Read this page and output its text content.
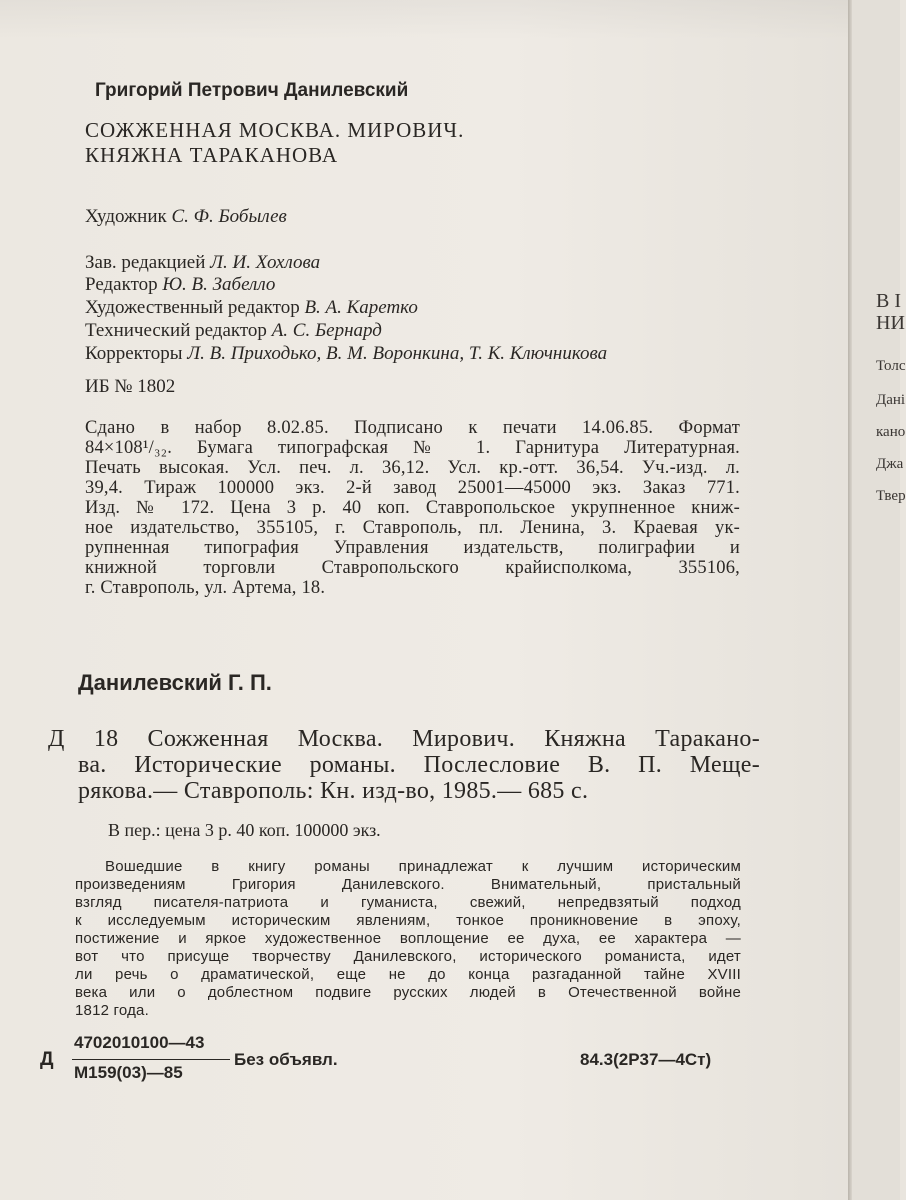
Григорий Петрович Данилевский

СОЖЖЕННАЯ МОСКВА. МИРОВИЧ.

КНЯЖНА ТАРАКАНОВА

Художник С. Ф. Бобылев

Зав. редакцией Л. И. Хохлова

Редактор Ю. В. Забелло

Художественный редактор В. А. Каретко

Технический редактор А. С. Бернард

Корректоры Л. В. Приходько, В. М. Воронкина, Т. К. Ключникова

ИБ № 1802

Сдано в набор 8.02.85. Подписано к печати 14.06.85. Формат

84×108¹/₃₂. Бумага типографская № 1. Гарнитура Литературная.

Печать высокая. Усл. печ. л. 36,12. Усл. кр.-отт. 36,54. Уч.-изд. л.

39,4. Тираж 100000 экз. 2-й завод 25001—45000 экз. Заказ 771.

Изд. № 172. Цена 3 р. 40 коп. Ставропольское укрупненное книж-

ное издательство, 355105, г. Ставрополь, пл. Ленина, 3. Краевая ук-

рупненная типография Управления издательств, полиграфии и

книжной торговли Ставропольского крайисполкома, 355106,

г. Ставрополь, ул. Артема, 18.

Данилевский Г. П.

Д 18 Сожженная Москва. Мирович. Княжна Таракано-

ва. Исторические романы. Послесловие В. П. Меще-

рякова.— Ставрополь: Кн. изд-во, 1985.— 685 с.

В пер.: цена 3 р. 40 коп. 100000 экз.

Вошедшие в книгу романы принадлежат к лучшим историческим

произведениям Григория Данилевского. Внимательный, пристальный

взгляд писателя-патриота и гуманиста, свежий, непредвзятый подход

к исследуемым историческим явлениям, тонкое проникновение в эпоху,

постижение и яркое художественное воплощение ее духа, ее характера —

вот что присуще творчеству Данилевского, исторического романиста, идет

ли речь о драматической, еще не до конца разгаданной тайне XVIII

века или о доблестном подвиге русских людей в Отечественной войне

1812 года.

Д

4702010100—43

М159(03)—85

Без объявл.	84.3(2Р37—4Ст)

В І
НИ
Толс
Дані
кано
Джа
Твер
